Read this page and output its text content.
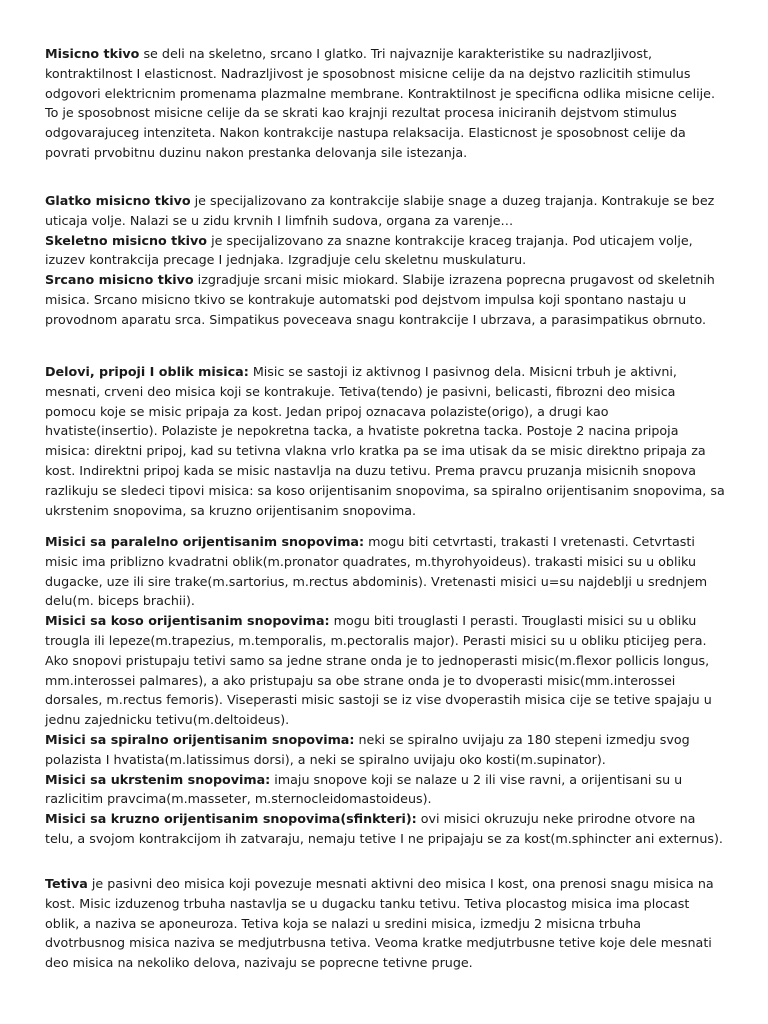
Misicno tkivo se deli na skeletno, srcano I glatko. Tri najvaznije karakteristike su nadrazljivost, kontraktilnost I elasticnost. Nadrazljivost je sposobnost misicne celije da na dejstvo razlicitih stimulus odgovori elektricnim promenama plazmalne membrane. Kontraktilnost je specificna odlika misicne celije. To je sposobnost misicne celije da se skrati kao krajnji rezultat procesa iniciranih dejstvom stimulus odgovarajuceg intenziteta. Nakon kontrakcije nastupa relaksacija. Elasticnost je sposobnost celije da povrati prvobitnu duzinu nakon prestanka delovanja sile istezanja.

Glatko misicno tkivo je specijalizovano za kontrakcije slabije snage a duzeg trajanja. Kontrakuje se bez uticaja volje. Nalazi se u zidu krvnih I limfnih sudova, organa za varenje…
Skeletno misicno tkivo je specijalizovano za snazne kontrakcije kraceg trajanja. Pod uticajem volje, izuzev kontrakcija precage I jednjaka. Izgradjuje celu skeletnu muskulaturu.
Srcano misicno tkivo izgradjuje srcani misic miokard. Slabije izrazena poprecna prugavost od skeletnih misica. Srcano misicno tkivo se kontrakuje automatski pod dejstvom impulsa koji spontano nastaju u provodnom aparatu srca. Simpatikus poveceava snagu kontrakcije I ubrzava, a parasimpatikus obrnuto.

Delovi, pripoji I oblik misica: Misic se sastoji iz aktivnog I pasivnog dela. Misicni trbuh je aktivni, mesnati, crveni deo misica koji se kontrakuje. Tetiva(tendo) je pasivni, belicasti, fibrozni deo misica pomocu koje se misic pripaja za kost. Jedan pripoj oznacava polaziste(origo), a drugi kao hvatiste(insertio). Polaziste je nepokretna tacka, a hvatiste pokretna tacka. Postoje 2 nacina pripoja misica: direktni pripoj, kad su tetivna vlakna vrlo kratka pa se ima utisak da se misic direktno pripaja za kost. Indirektni pripoj kada se misic nastavlja na duzu tetivu. Prema pravcu pruzanja misicnih snopova razlikuju se sledeci tipovi misica: sa koso orijentisanim snopovima, sa spiralno orijentisanim snopovima, sa ukrstenim snopovima, sa kruzno orijentisanim snopovima.

Misici sa paralelno orijentisanim snopovima: mogu biti cetvrtasti, trakasti I vretenasti. Cetvrtasti misic ima priblizno kvadratni oblik(m.pronator quadrates, m.thyrohyoideus). trakasti misici su u obliku dugacke, uze ili sire trake(m.sartorius, m.rectus abdominis). Vretenasti misici u=su najdeblji u srednjem delu(m. biceps brachii).
Misici sa koso orijentisanim snopovima: mogu biti trouglasti I perasti. Trouglasti misici su u obliku trougla ili lepeze(m.trapezius, m.temporalis, m.pectoralis major). Perasti misici su u obliku pticijeg pera. Ako snopovi pristupaju tetivi samo sa jedne strane onda je to jednoperasti misic(m.flexor pollicis longus, mm.interossei palmares), a ako pristupaju sa obe strane onda je to dvoperasti misic(mm.interossei dorsales, m.rectus femoris). Viseperasti misic sastoji se iz vise dvoperastih misica cije se tetive spajaju u jednu zajednicku tetivu(m.deltoideus).
Misici sa spiralno orijentisanim snopovima: neki se spiralno uvijaju za 180 stepeni izmedju svog polazista I hvatista(m.latissimus dorsi), a neki se spiralno uvijaju oko kosti(m.supinator).
Misici sa ukrstenim snopovima: imaju snopove koji se nalaze u 2 ili vise ravni, a orijentisani su u razlicitim pravcima(m.masseter, m.sternocleidomastoideus).
Misici sa kruzno orijentisanim snopovima(sfinkteri): ovi misici okruzuju neke prirodne otvore na telu, a svojom kontrakcijom ih zatvaraju, nemaju tetive I ne pripajaju se za kost(m.sphincter ani externus).

Tetiva je pasivni deo misica koji povezuje mesnati aktivni deo misica I kost, ona prenosi snagu misica na kost. Misic izduzenog trbuha nastavlja se u dugacku tanku tetivu. Tetiva plocastog misica ima plocast oblik, a naziva se aponeuroza. Tetiva koja se nalazi u sredini misica, izmedju 2 misicna trbuha dvotrbusnog misica naziva se medjutrbusna tetiva. Veoma kratke medjutrbusne tetive koje dele mesnati deo misica na nekoliko delova, nazivaju se poprecne tetivne pruge.
